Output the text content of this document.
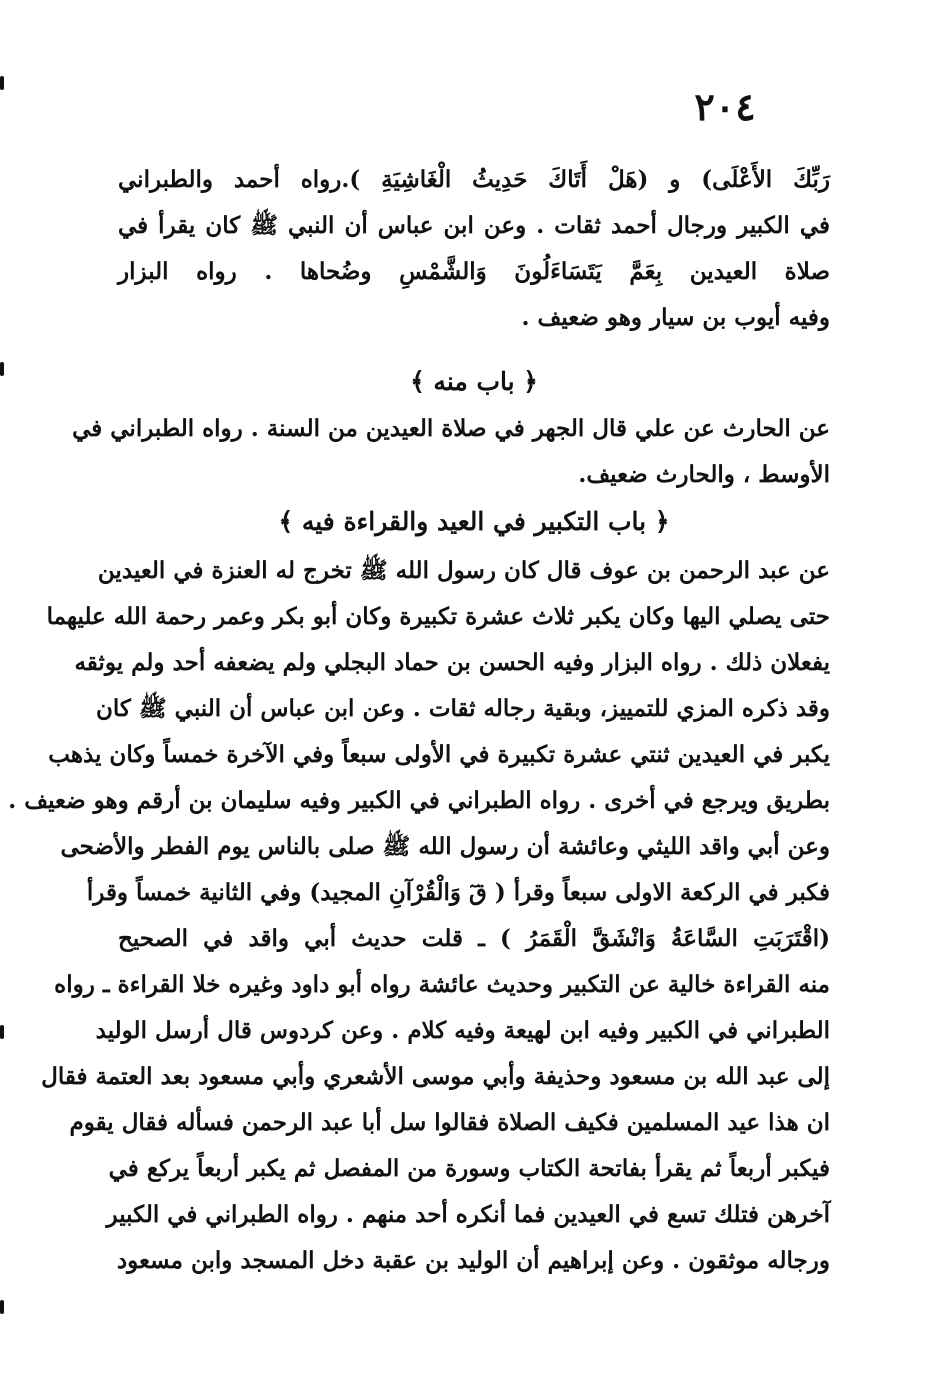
٢٠٤
رَبِّكَ الأَعْلَى) و (هَلْ أَتَاكَ حَدِيثُ الْغَاشِيَةِ ).رواه أحمد والطبراني
في الكبير ورجال أحمد ثقات . وعن ابن عباس أن النبي ﷺ كان يقرأ في
صلاة العيدين بِعَمَّ يَتَسَاءَلُونَ وَالشَّمْسِ وضُحاها . رواه البزار
وفيه أيوب بن سيار وهو ضعيف .
﴿ باب منه ﴾
عن الحارث عن علي قال الجهر في صلاة العيدين من السنة . رواه الطبراني في
الأوسط ، والحارث ضعيف.
﴿ باب التكبير في العيد والقراءة فيه ﴾
عن عبد الرحمن بن عوف قال كان رسول الله ﷺ تخرج له العنزة في العيدين
حتى يصلي اليها وكان يكبر ثلاث عشرة تكبيرة وكان أبو بكر وعمر رحمة الله عليهما
يفعلان ذلك . رواه البزار وفيه الحسن بن حماد البجلي ولم يضعفه أحد ولم يوثقه
وقد ذكره المزي للتمييز، وبقية رجاله ثقات . وعن ابن عباس أن النبي ﷺ كان
يكبر في العيدين ثنتي عشرة تكبيرة في الأولى سبعاً وفي الآخرة خمساً وكان يذهب
بطريق ويرجع في أخرى . رواه الطبراني في الكبير وفيه سليمان بن أرقم وهو ضعيف .
وعن أبي واقد الليثي وعائشة أن رسول الله ﷺ صلى بالناس يوم الفطر والأضحى
فكبر في الركعة الاولى سبعاً وقرأ ( قٓ وَالْقُرْآنِ المجيد) وفي الثانية خمساً وقرأ
(اقْتَرَبَتِ السَّاعَةُ وَانْشَقَّ الْقَمَرُ ) ـ قلت حديث أبي واقد في الصحيح
منه القراءة خالية عن التكبير وحديث عائشة رواه أبو داود وغيره خلا القراءة ـ رواه
الطبراني في الكبير وفيه ابن لهيعة وفيه كلام . وعن كردوس قال أرسل الوليد
إلى عبد الله بن مسعود وحذيفة وأبي موسى الأشعري وأبي مسعود بعد العتمة فقال
ان هذا عيد المسلمين فكيف الصلاة فقالوا سل أبا عبد الرحمن فسأله فقال يقوم
فيكبر أربعاً ثم يقرأ بفاتحة الكتاب وسورة من المفصل ثم يكبر أربعاً يركع في
آخرهن فتلك تسع في العيدين فما أنكره أحد منهم . رواه الطبراني في الكبير
ورجاله موثقون . وعن إبراهيم أن الوليد بن عقبة دخل المسجد وابن مسعود
